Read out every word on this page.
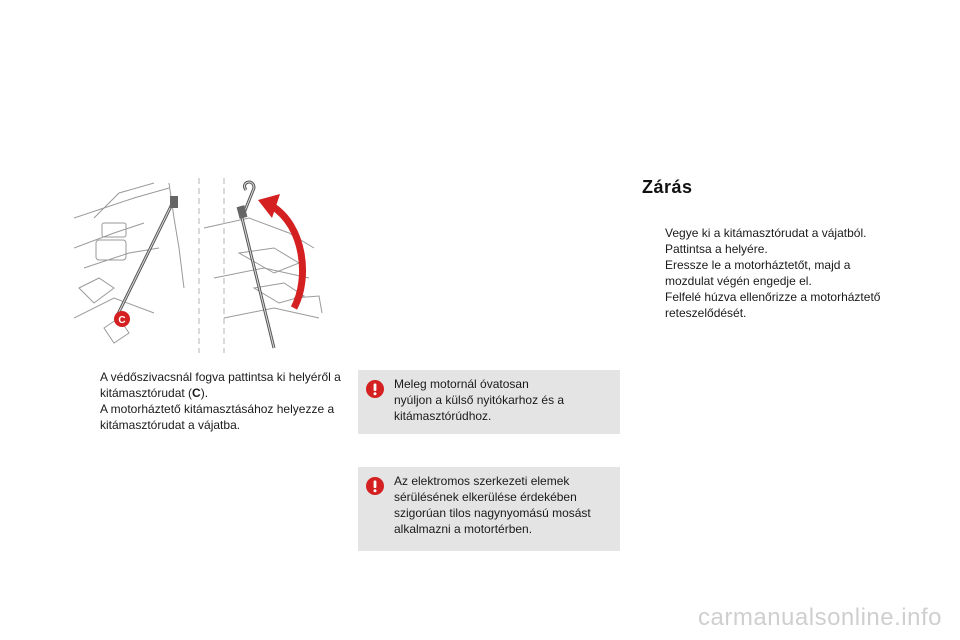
C
A védőszivacsnál fogva pattintsa ki helyéről a kitámasztórudat (C).
A motorháztető kitámasztásához helyezze a kitámasztórudat a vájatba.
Meleg motornál óvatosan
nyúljon a külső nyitókarhoz és a
kitámasztórúdhoz.
Az elektromos szerkezeti elemek
sérülésének elkerülése érdekében
szigorúan tilos nagynyomású mosást
alkalmazni a motortérben.
Zárás
Vegye ki a kitámasztórudat a vájatból.
Pattintsa a helyére.
Eressze le a motorháztetőt, majd a mozdulat végén engedje el.
Felfelé húzva ellenőrizze a motorháztető reteszelődését.
carmanualsonline.info
